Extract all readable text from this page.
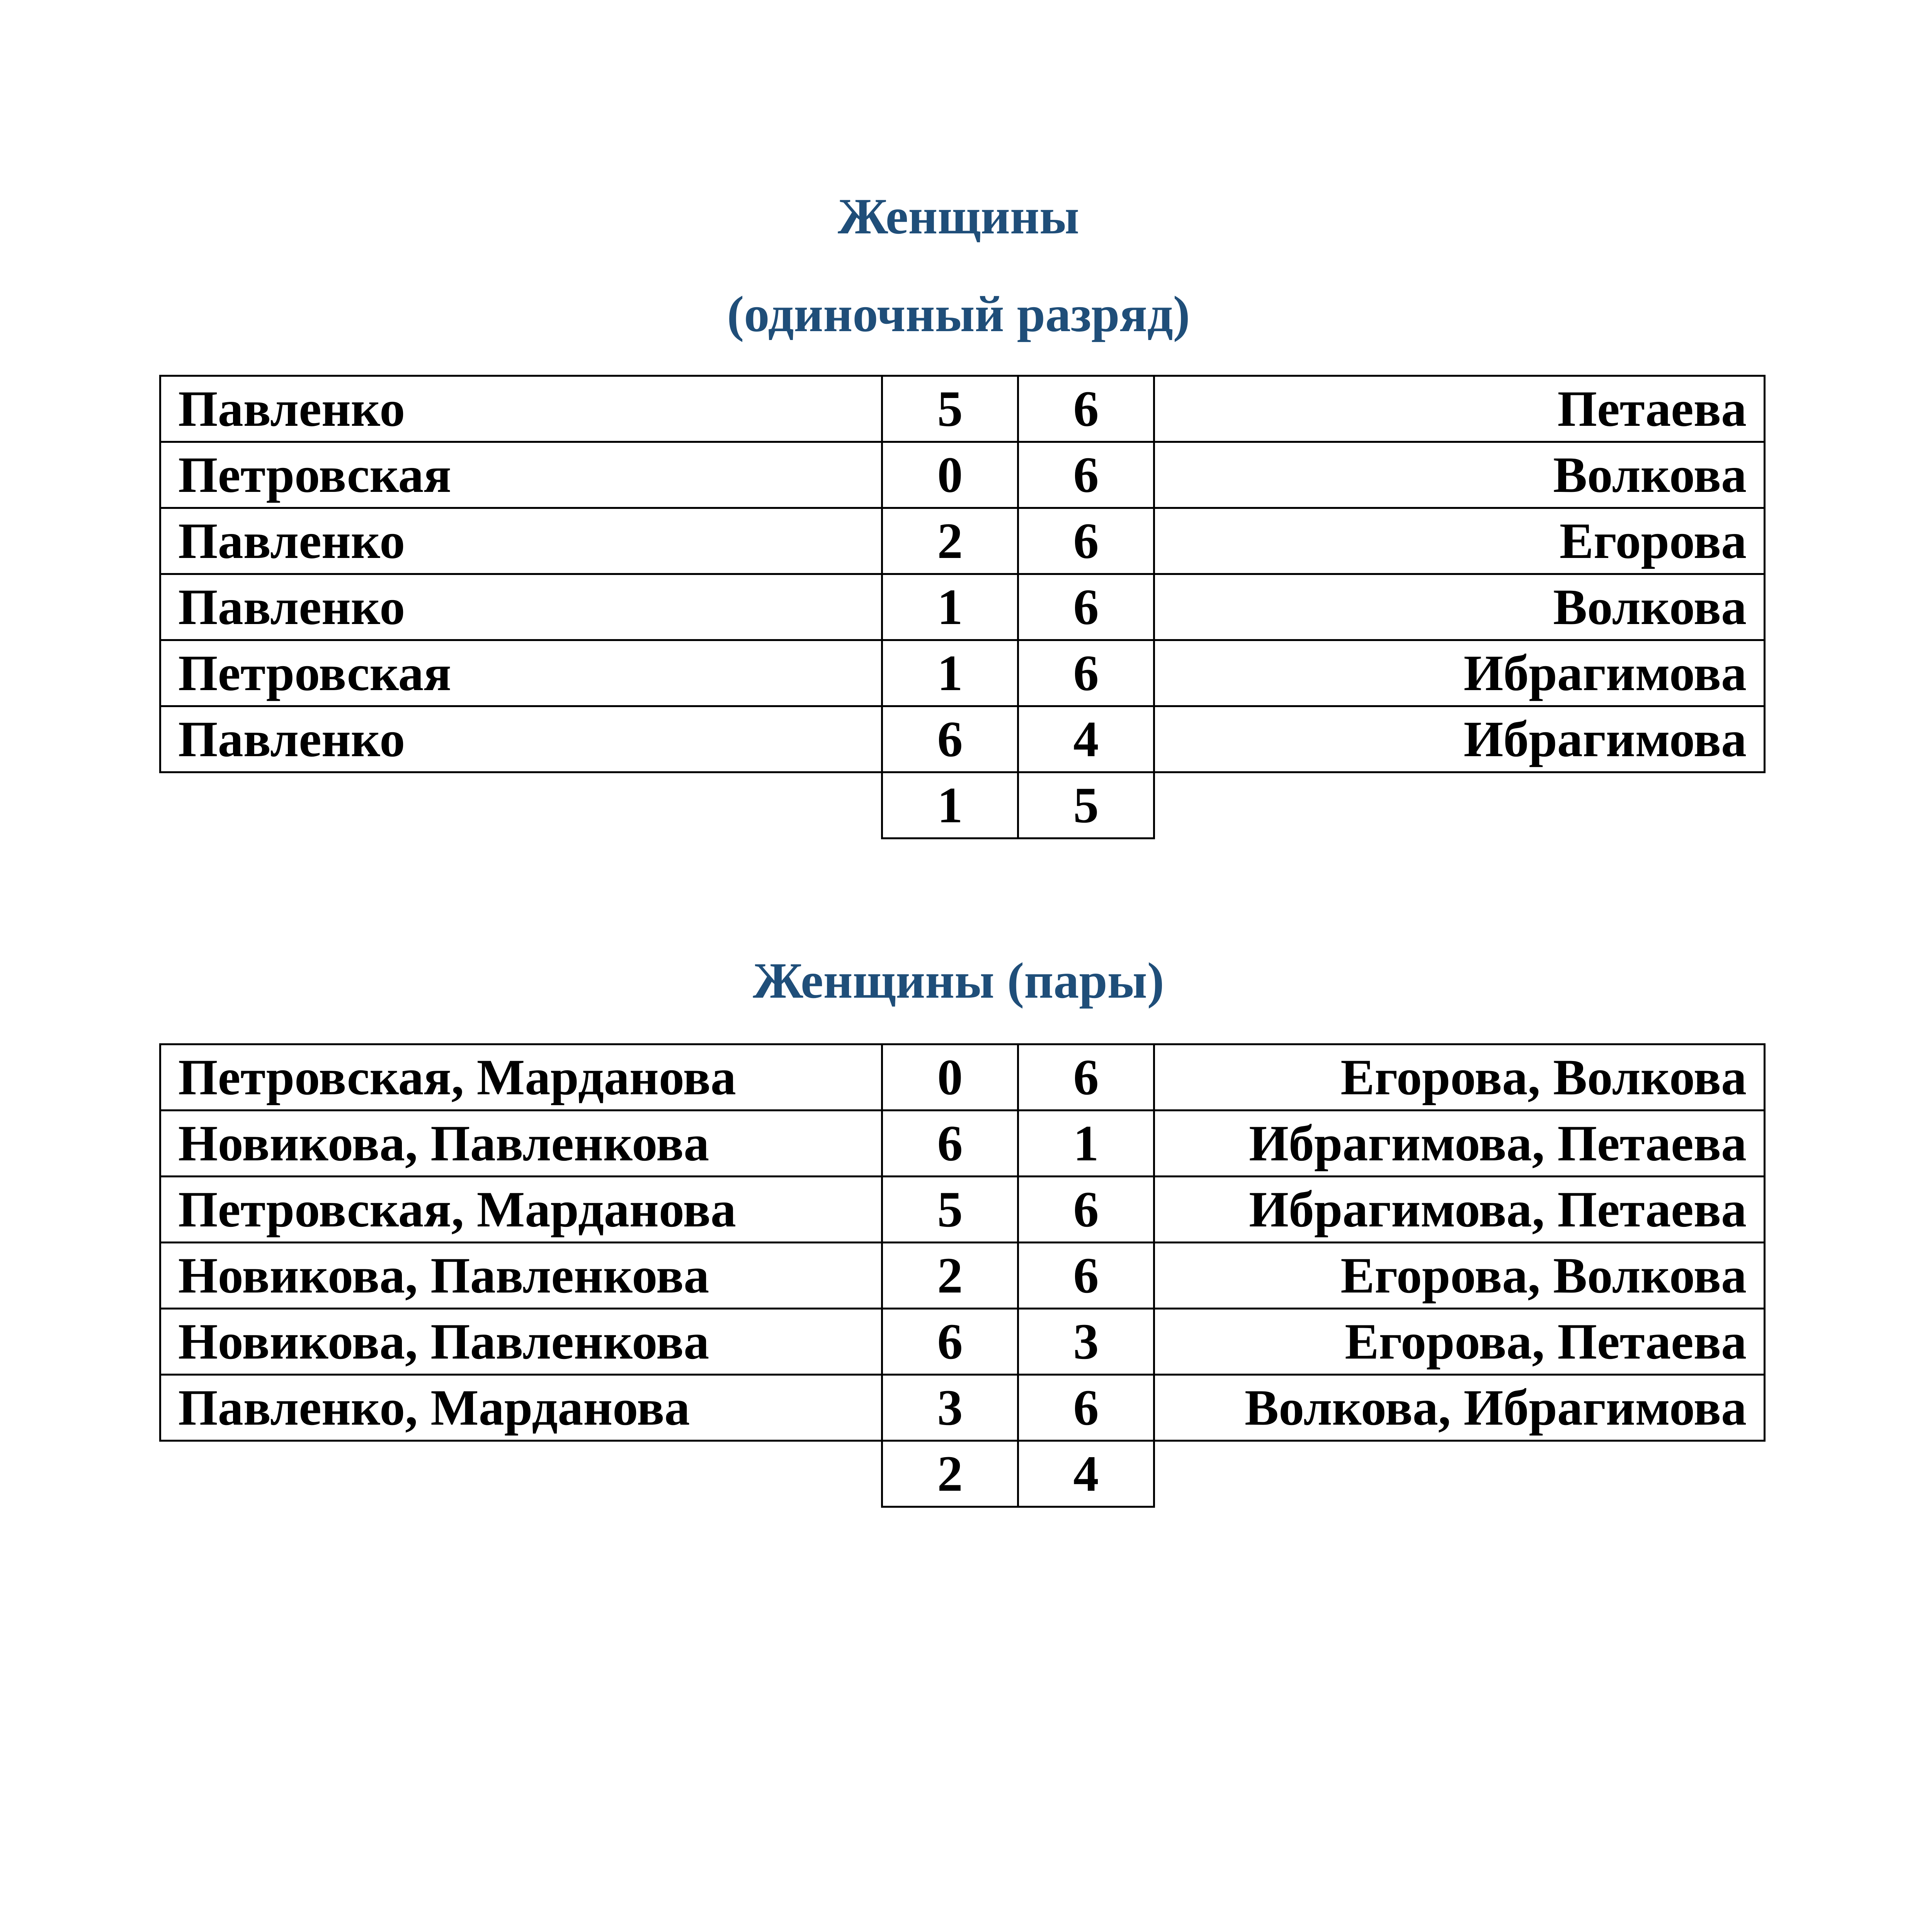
Женщины
(одиночный разряд)
Павленко	5	6	Петаева
Петровская	0	6	Волкова
Павленко	2	6	Егорова
Павленко	1	6	Волкова
Петровская	1	6	Ибрагимова
Павленко	6	4	Ибрагимова
	1	5	
Женщины (пары)
Петровская, Марданова	0	6	Егорова, Волкова
Новикова, Павленкова	6	1	Ибрагимова, Петаева
Петровская, Марданова	5	6	Ибрагимова, Петаева
Новикова, Павленкова	2	6	Егорова, Волкова
Новикова, Павленкова	6	3	Егорова, Петаева
Павленко, Марданова	3	6	Волкова, Ибрагимова
	2	4	
